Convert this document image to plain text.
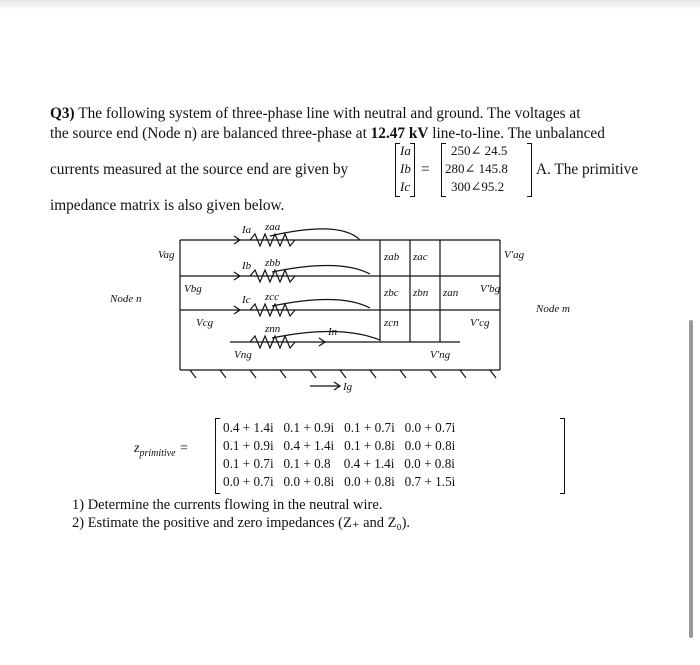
Q3) The following system of three-phase line with neutral and ground. The voltages at
the source end (Node n) are balanced three-phase at 12.47 kV line-to-line. The unbalanced
currents measured at the source end are given by
Ia
Ib
Ic
=
250∠ 24.5
280∠ 145.8
300∠95.2
A. The primitive
impedance matrix is also given below.
Node n
Node m
zaa
zbb
zcc
znn
zab zac
zbc zbn zan
zcn
Ia
Ib
Ic
In
Ig
Vag
Vbg
Vcg
Vng
V'ag
V'bg
V'cg
V'ng
$z_{primitive}$ =
0.4 + 1.4i   0.1 + 0.9i   0.1 + 0.7i   0.0 + 0.7i
0.1 + 0.9i   0.4 + 1.4i   0.1 + 0.8i   0.0 + 0.8i
0.1 + 0.7i   0.1 + 0.8    0.4 + 1.4i   0.0 + 0.8i
0.0 + 0.7i   0.0 + 0.8i   0.0 + 0.8i   0.7 + 1.5i
1) Determine the currents flowing in the neutral wire.
2) Estimate the positive and zero impedances (Z₊ and Z₀).
